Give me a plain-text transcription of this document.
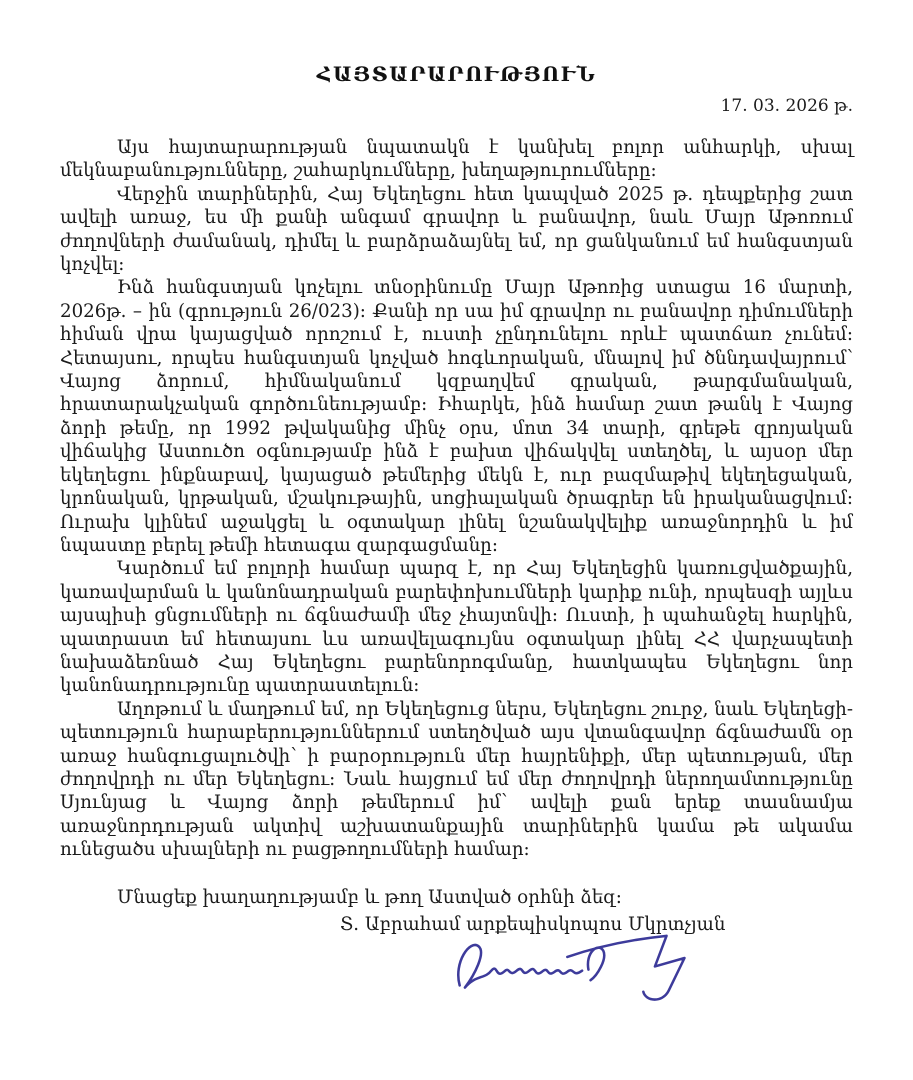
ՀԱՅՏԱՐԱՐՈՒԹՅՈՒՆ
17. 03. 2026 թ.

Այս հայտարարության նպատակն է կանխել բոլոր անհարկի, սխալ մեկնաբանությունները, շահարկումները, խեղաթյուրումները:

Վերջին տարիներին, Հայ Եկեղեցու հետ կապված 2025 թ. դեպքերից շատ ավելի առաջ, ես մի քանի անգամ գրավոր և բանավոր, նաև Մայր Աթոռում ժողովների ժամանակ, դիմել և բարձրաձայնել եմ, որ ցանկանում եմ հանգստյան կոչվել:

Ինձ հանգստյան կոչելու տնօրինումը Մայր Աթոռից ստացա 16 մարտի, 2026թ. – ին (գրություն 26/023): Քանի որ սա իմ գրավոր ու բանավոր դիմումների հիման վրա կայացված որոշում է, ուստի չընդունելու որևէ պատճառ չունեմ: Հետայսու, որպես հանգստյան կոչված հոգևորական, մնալով իմ ծննդավայրում՝ Վայոց ձորում, հիմնականում կզբաղվեմ գրական, թարգմանական, հրատարակչական գործունեությամբ: Իհարկե, ինձ համար շատ թանկ է Վայոց ձորի թեմը, որ 1992 թվականից մինչ օրս, մոտ 34 տարի, գրեթե զրոյական վիճակից Աստուծո օգնությամբ ինձ է բախտ վիճակվել ստեղծել, և այսօր մեր եկեղեցու ինքնաբավ, կայացած թեմերից մեկն է, ուր բազմաթիվ եկեղեցական, կրոնական, կրթական, մշակութային, սոցիալական ծրագրեր են իրականացվում: Ուրախ կլինեմ աջակցել և օգտակար լինել նշանակվելիք առաջնորդին և իմ նպաստը բերել թեմի հետագա զարգացմանը:

Կարծում եմ բոլորի համար պարզ է, որ Հայ Եկեղեցին կառուցվածքային, կառավարման և կանոնադրական բարեփոխումների կարիք ունի, որպեսզի այլևս այսպիսի ցնցումների ու ճգնաժամի մեջ չհայտնվի: Ուստի, ի պահանջել հարկին, պատրաստ եմ հետայսու ևս առավելագույնս օգտակար լինել ՀՀ վարչապետի նախաձեռնած Հայ Եկեղեցու բարենորոգմանը, հատկապես Եկեղեցու նոր կանոնադրությունը պատրաստելուն:

Աղոթում և մաղթում եմ, որ Եկեղեցուց ներս, Եկեղեցու շուրջ, նաև Եկեղեցի-պետություն հարաբերություններում ստեղծված այս վտանգավոր ճգնաժամն օր առաջ հանգուցալուծվի՝ ի բարօրություն մեր հայրենիքի, մեր պետության, մեր ժողովրդի ու մեր Եկեղեցու: Նաև հայցում եմ մեր ժողովրդի ներողամտությունը Սյունյաց և Վայոց ձորի թեմերում իմ՝ ավելի քան երեք տասնամյա առաջնորդության ակտիվ աշխատանքային տարիներին կամա թե ակամա ունեցածս սխալների ու բացթողումների համար:

Մնացեք խաղաղությամբ և թող Աստված օրհնի ձեզ:

Տ. Աբրահամ արքեպիսկոպոս Մկրտչյան
